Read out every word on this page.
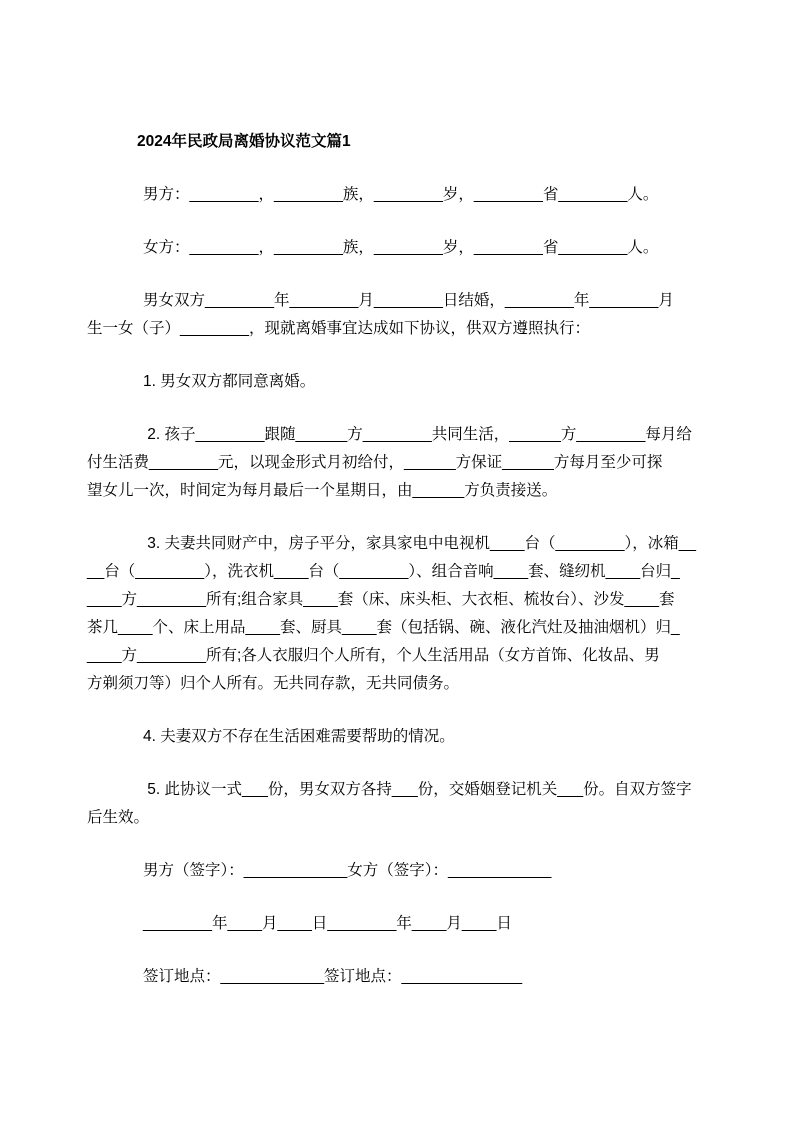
2024年民政局离婚协议范文篇1

男方：________，________族，________岁，________省________人。

女方：________，________族，________岁，________省________人。

男女双方________年________月________日结婚，________年________月

生一女（子）________，现就离婚事宜达成如下协议，供双方遵照执行：

1. 男女双方都同意离婚。

2. 孩子________跟随______方________共同生活，______方________每月给

付生活费________元，以现金形式月初给付，______方保证______方每月至少可探

望女儿一次，时间定为每月最后一个星期日，由______方负责接送。

3. 夫妻共同财产中，房子平分，家具家电中电视机____台（________），冰箱__

__台（________），洗衣机____台（________）、组合音响____套、缝纫机____台归_

____方________所有;组合家具____套（床、床头柜、大衣柜、梳妆台）、沙发____套

茶几____个、床上用品____套、厨具____套（包括锅、碗、液化汽灶及抽油烟机）归_

____方________所有;各人衣服归个人所有，个人生活用品（女方首饰、化妆品、男

方剃须刀等）归个人所有。无共同存款，无共同债务。

4. 夫妻双方不存在生活困难需要帮助的情况。

5. 此协议一式___份，男女双方各持___份，交婚姻登记机关___份。自双方签字

后生效。

男方（签字）：____________女方（签字）：____________

________年____月____日________年____月____日

签订地点：____________签订地点：______________
